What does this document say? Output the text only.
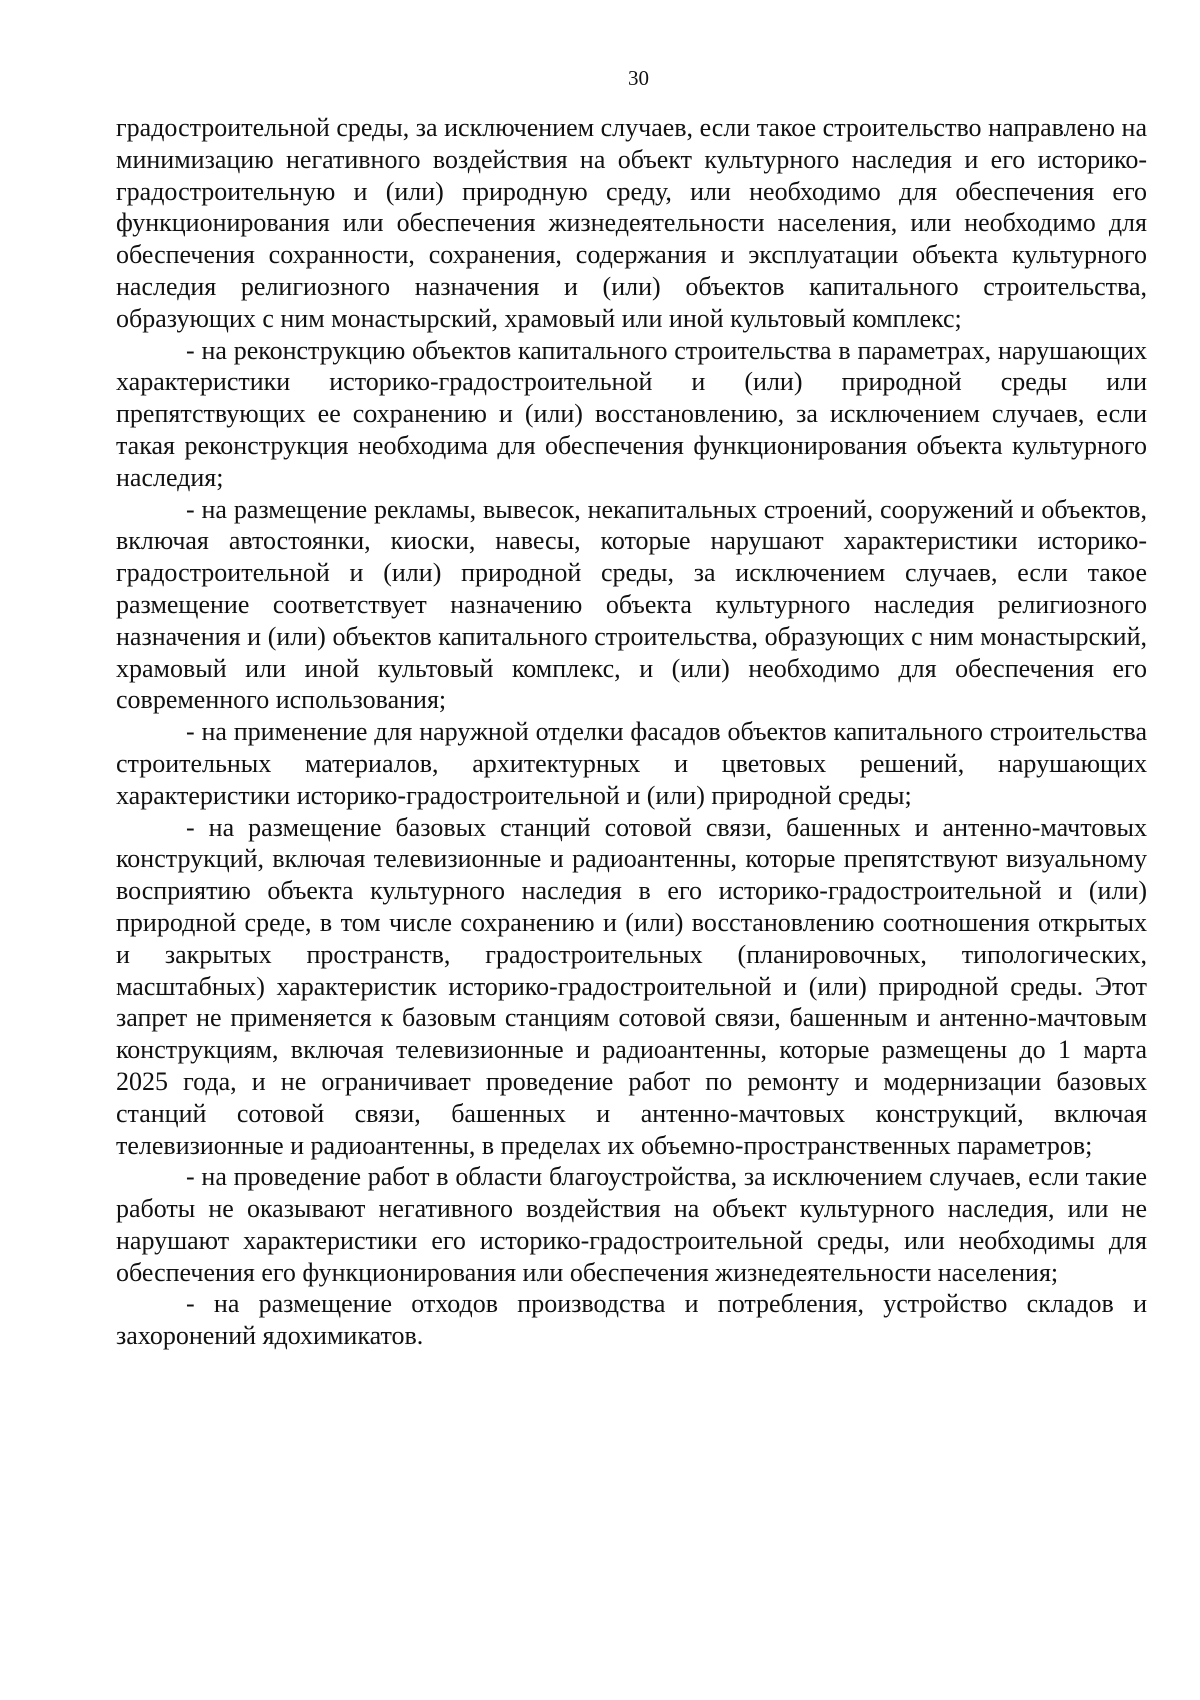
30

градостроительной среды, за исключением случаев, если такое строительство направлено на минимизацию негативного воздействия на объект культурного наследия и его историко-градостроительную и (или) природную среду, или необходимо для обеспечения его функционирования или обеспечения жизнедеятельности населения, или необходимо для обеспечения сохранности, сохранения, содержания и эксплуатации объекта культурного наследия религиозного назначения и (или) объектов капитального строительства, образующих с ним монастырский, храмовый или иной культовый комплекс;

- на реконструкцию объектов капитального строительства в параметрах, нарушающих характеристики историко-градостроительной и (или) природной среды или препятствующих ее сохранению и (или) восстановлению, за исключением случаев, если такая реконструкция необходима для обеспечения функционирования объекта культурного наследия;

- на размещение рекламы, вывесок, некапитальных строений, сооружений и объектов, включая автостоянки, киоски, навесы, которые нарушают характеристики историко-градостроительной и (или) природной среды, за исключением случаев, если такое размещение соответствует назначению объекта культурного наследия религиозного назначения и (или) объектов капитального строительства, образующих с ним монастырский, храмовый или иной культовый комплекс, и (или) необходимо для обеспечения его современного использования;

- на применение для наружной отделки фасадов объектов капитального строительства строительных материалов, архитектурных и цветовых решений, нарушающих характеристики историко-градостроительной и (или) природной среды;

- на размещение базовых станций сотовой связи, башенных и антенно-мачтовых конструкций, включая телевизионные и радиоантенны, которые препятствуют визуальному восприятию объекта культурного наследия в его историко-градостроительной и (или) природной среде, в том числе сохранению и (или) восстановлению соотношения открытых и закрытых пространств, градостроительных (планировочных, типологических, масштабных) характеристик историко-градостроительной и (или) природной среды. Этот запрет не применяется к базовым станциям сотовой связи, башенным и антенно-мачтовым конструкциям, включая телевизионные и радиоантенны, которые размещены до 1 марта 2025 года, и не ограничивает проведение работ по ремонту и модернизации базовых станций сотовой связи, башенных и антенно-мачтовых конструкций, включая телевизионные и радиоантенны, в пределах их объемно-пространственных параметров;

- на проведение работ в области благоустройства, за исключением случаев, если такие работы не оказывают негативного воздействия на объект культурного наследия, или не нарушают характеристики его историко-градостроительной среды, или необходимы для обеспечения его функционирования или обеспечения жизнедеятельности населения;

- на размещение отходов производства и потребления, устройство складов и захоронений ядохимикатов.
